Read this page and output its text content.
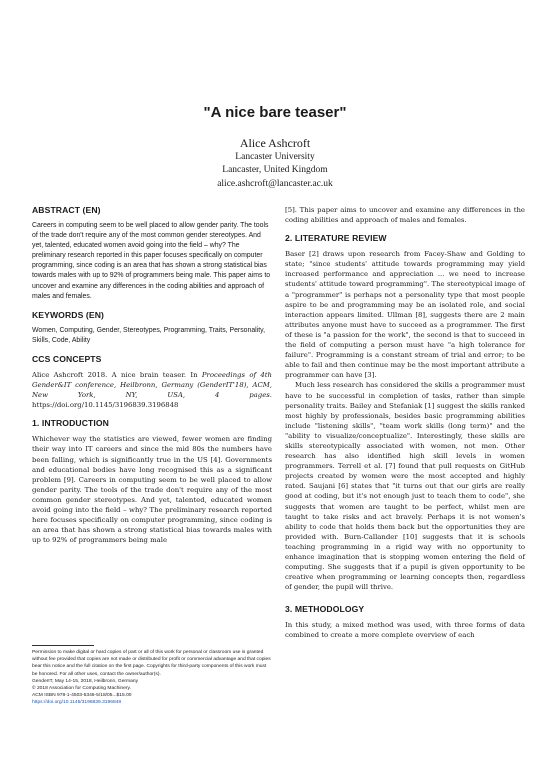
"A nice bare teaser"
Alice Ashcroft
Lancaster University
Lancaster, United Kingdom
alice.ashcroft@lancaster.ac.uk
ABSTRACT (EN)

Careers in computing seem to be well placed to allow gender parity. The tools of the trade don't require any of the most common gender stereotypes. And yet, talented, educated women avoid going into the field – why? The preliminary research reported in this paper focuses specifically on computer programming, since coding is an area that has shown a strong statistical bias towards males with up to 92% of programmers being male. This paper aims to uncover and examine any differences in the coding abilities and approach of males and females.

KEYWORDS (EN)

Women, Computing, Gender, Stereotypes, Programming, Traits, Personality, Skills, Code, Ability

CCS CONCEPTS

Alice Ashcroft 2018. A nice brain teaser. In Proceedings of 4th Gender&IT conference, Heilbronn, Germany (GenderIT'18), ACM, New York, NY, USA, 4 pages. https://doi.org/10.1145/3196839.3196848

1. INTRODUCTION

Whichever way the statistics are viewed, fewer women are finding their way into IT careers and since the mid 80s the numbers have been falling, which is significantly true in the US [4]. Governments and educational bodies have long recognised this as a significant problem [9]. Careers in computing seem to be well placed to allow gender parity. The tools of the trade don't require any of the most common gender stereotypes. And yet, talented, educated women avoid going into the field – why? The preliminary research reported here focuses specifically on computer programming, since coding is an area that has shown a strong statistical bias towards males with up to 92% of programmers being male

Permission to make digital or hard copies of part or all of this work for personal or classroom use is granted without fee provided that copies are not made or distributed for profit or commercial advantage and that copies bear this notice and the full citation on the first page. Copyrights for third-party components of this work must be honored. For all other uses, contact the owner/author(s).
GenderIT, May 14-15, 2018, Heilbronn, Germany
© 2018 Association for Computing Machinery.
ACM ISBN 978-1-4503-5346-5/18/05...$15.00
https://doi.org/10.1145/3196839.3196848

[5]. This paper aims to uncover and examine any differences in the coding abilities and approach of males and females.

2. LITERATURE REVIEW

Baser [2] draws upon research from Facey-Shaw and Golding to state; "since students' attitude towards programming may yield increased performance and appreciation ... we need to increase students' attitude toward programming". The stereotypical image of a "programmer" is perhaps not a personality type that most people aspire to be and programming may be an isolated role, and social interaction appears limited. Ullman [8], suggests there are 2 main attributes anyone must have to succeed as a programmer. The first of these is "a passion for the work", the second is that to succeed in the field of computing a person must have "a high tolerance for failure". Programming is a constant stream of trial and error; to be able to fail and then continue may be the most important attribute a programmer can have [3].

Much less research has considered the skills a programmer must have to be successful in completion of tasks, rather than simple personality traits. Bailey and Stefaniak [1] suggest the skills ranked most highly by professionals, besides basic programming abilities include "listening skills", "team work skills (long term)" and the "ability to visualize/conceptualize". Interestingly, these skills are skills stereotypically associated with women, not men. Other research has also identified high skill levels in women programmers. Terrell et al. [7] found that pull requests on GitHub projects created by women were the most accepted and highly rated. Saujani [6] states that "it turns out that our girls are really good at coding, but it's not enough just to teach them to code", she suggests that women are taught to be perfect, whilst men are taught to take risks and act bravely. Perhaps it is not women's ability to code that holds them back but the opportunities they are provided with. Burn-Callander [10] suggests that it is schools teaching programming in a rigid way with no opportunity to enhance imagination that is stopping women entering the field of computing. She suggests that if a pupil is given opportunity to be creative when programming or learning concepts then, regardless of gender, the pupil will thrive.

3. METHODOLOGY

In this study, a mixed method was used, with three forms of data combined to create a more complete overview of each
